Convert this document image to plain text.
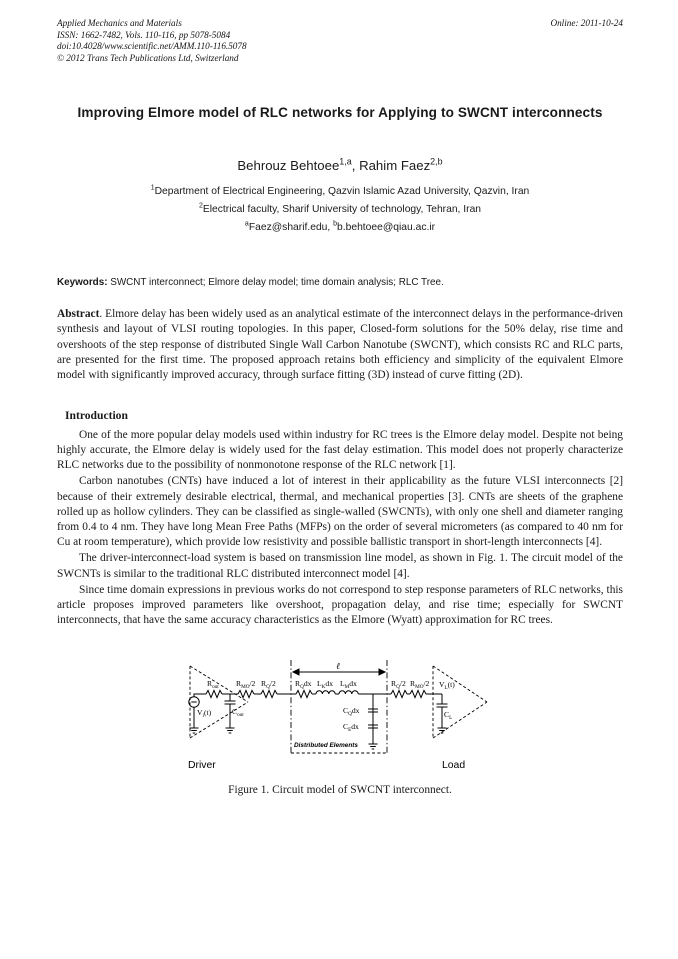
Online: 2011-10-24
Applied Mechanics and Materials
ISSN: 1662-7482, Vols. 110-116, pp 5078-5084
doi:10.4028/www.scientific.net/AMM.110-116.5078
© 2012 Trans Tech Publications Ltd, Switzerland
Improving Elmore model of RLC networks for Applying to SWCNT interconnects
Behrouz Behtoee$^{1,a}$, Rahim Faez$^{2,b}$
$^1$Department of Electrical Engineering, Qazvin Islamic Azad University, Qazvin, Iran
$^2$Electrical faculty, Sharif University of technology, Tehran, Iran
$^a$Faez@sharif.edu, $^b$b.behtoee@qiau.ac.ir
Keywords: SWCNT interconnect; Elmore delay model; time domain analysis; RLC Tree.
Abstract. Elmore delay has been widely used as an analytical estimate of the interconnect delays in the performance-driven synthesis and layout of VLSI routing topologies. In this paper, Closed-form solutions for the 50% delay, rise time and overshoots of the step response of distributed Single Wall Carbon Nanotube (SWCNT), which consists RC and RLC parts, are presented for the first time. The proposed approach retains both efficiency and simplicity of the equivalent Elmore model with significantly improved accuracy, through surface fitting (3D) instead of curve fitting (2D).
Introduction
One of the more popular delay models used within industry for RC trees is the Elmore delay model. Despite not being highly accurate, the Elmore delay is widely used for the fast delay estimation. This model does not properly characterize RLC networks due to the possibility of nonmonotone response of the RLC network [1].
Carbon nanotubes (CNTs) have induced a lot of interest in their applicability as the future VLSI interconnects [2] because of their extremely desirable electrical, thermal, and mechanical properties [3]. CNTs are sheets of the graphene rolled up as hollow cylinders. They can be classified as single-walled (SWCNTs), with only one shell and diameter ranging from 0.4 to 4 nm. They have long Mean Free Paths (MFPs) on the order of several micrometers (as compared to 40 nm for Cu at room temperature), which provide low resistivity and possible ballistic transport in short-length interconnects [4].
The driver-interconnect-load system is based on transmission line model, as shown in Fig. 1. The circuit model of the SWCNTs is similar to the traditional RLC distributed interconnect model [4].
Since time domain expressions in previous works do not correspond to step response parameters of RLC networks, this article proposes improved parameters like overshoot, propagation delay, and rise time; especially for SWCNT interconnects, that have the same accuracy characteristics as the Elmore (Wyatt) approximation for RC trees.
ℓ
$R_{out}$ $R_{MO}/2$ $R_Q/2$
$V_i(t)$	$C_{out}$
$R_Qdx$ $L_Kdx$ $L_Mdx$
$C_Qdx$
$C_Edx$
$R_Q/2$ $R_{MO}/2$ $V_L(t)$
$C_L$
Distributed Elements
Driver	Load
Figure 1. Circuit model of SWCNT interconnect.
